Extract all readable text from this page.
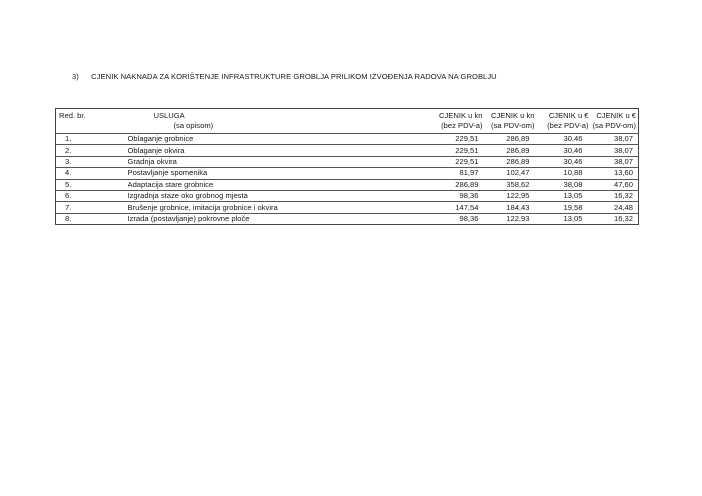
3) CJENIK NAKNADA ZA KORIŠTENJE INFRASTRUKTURE GROBLJA PRILIKOM IZVOĐENJA RADOVA NA GROBLJU
Red. br.	USLUGA	CJENIK u kn	CJENIK u kn	CJENIK u €	CJENIK u €
	(sa opisom)	(bez PDV-a)	(sa PDV-om)	(bez PDV-a)	(sa PDV-om)
1.	Oblaganje grobnice	229,51	286,89	30,46	38,07
2.	Oblaganje okvira	229,51	286,89	30,46	38,07
3.	Gradnja okvira	229,51	286,89	30,46	38,07
4.	Postavljanje spomenika	81,97	102,47	10,88	13,60
5.	Adaptacija stare grobnice	286,89	358,62	38,08	47,60
6.	Izgradnja staze oko grobnog mjesta	98,36	122,95	13,05	16,32
7.	Brušenje grobnice, imitacija grobnice i okvira	147,54	184,43	19,58	24,48
8.	Izrada (postavljanje) pokrovne ploče	98,36	122,93	13,05	16,32
